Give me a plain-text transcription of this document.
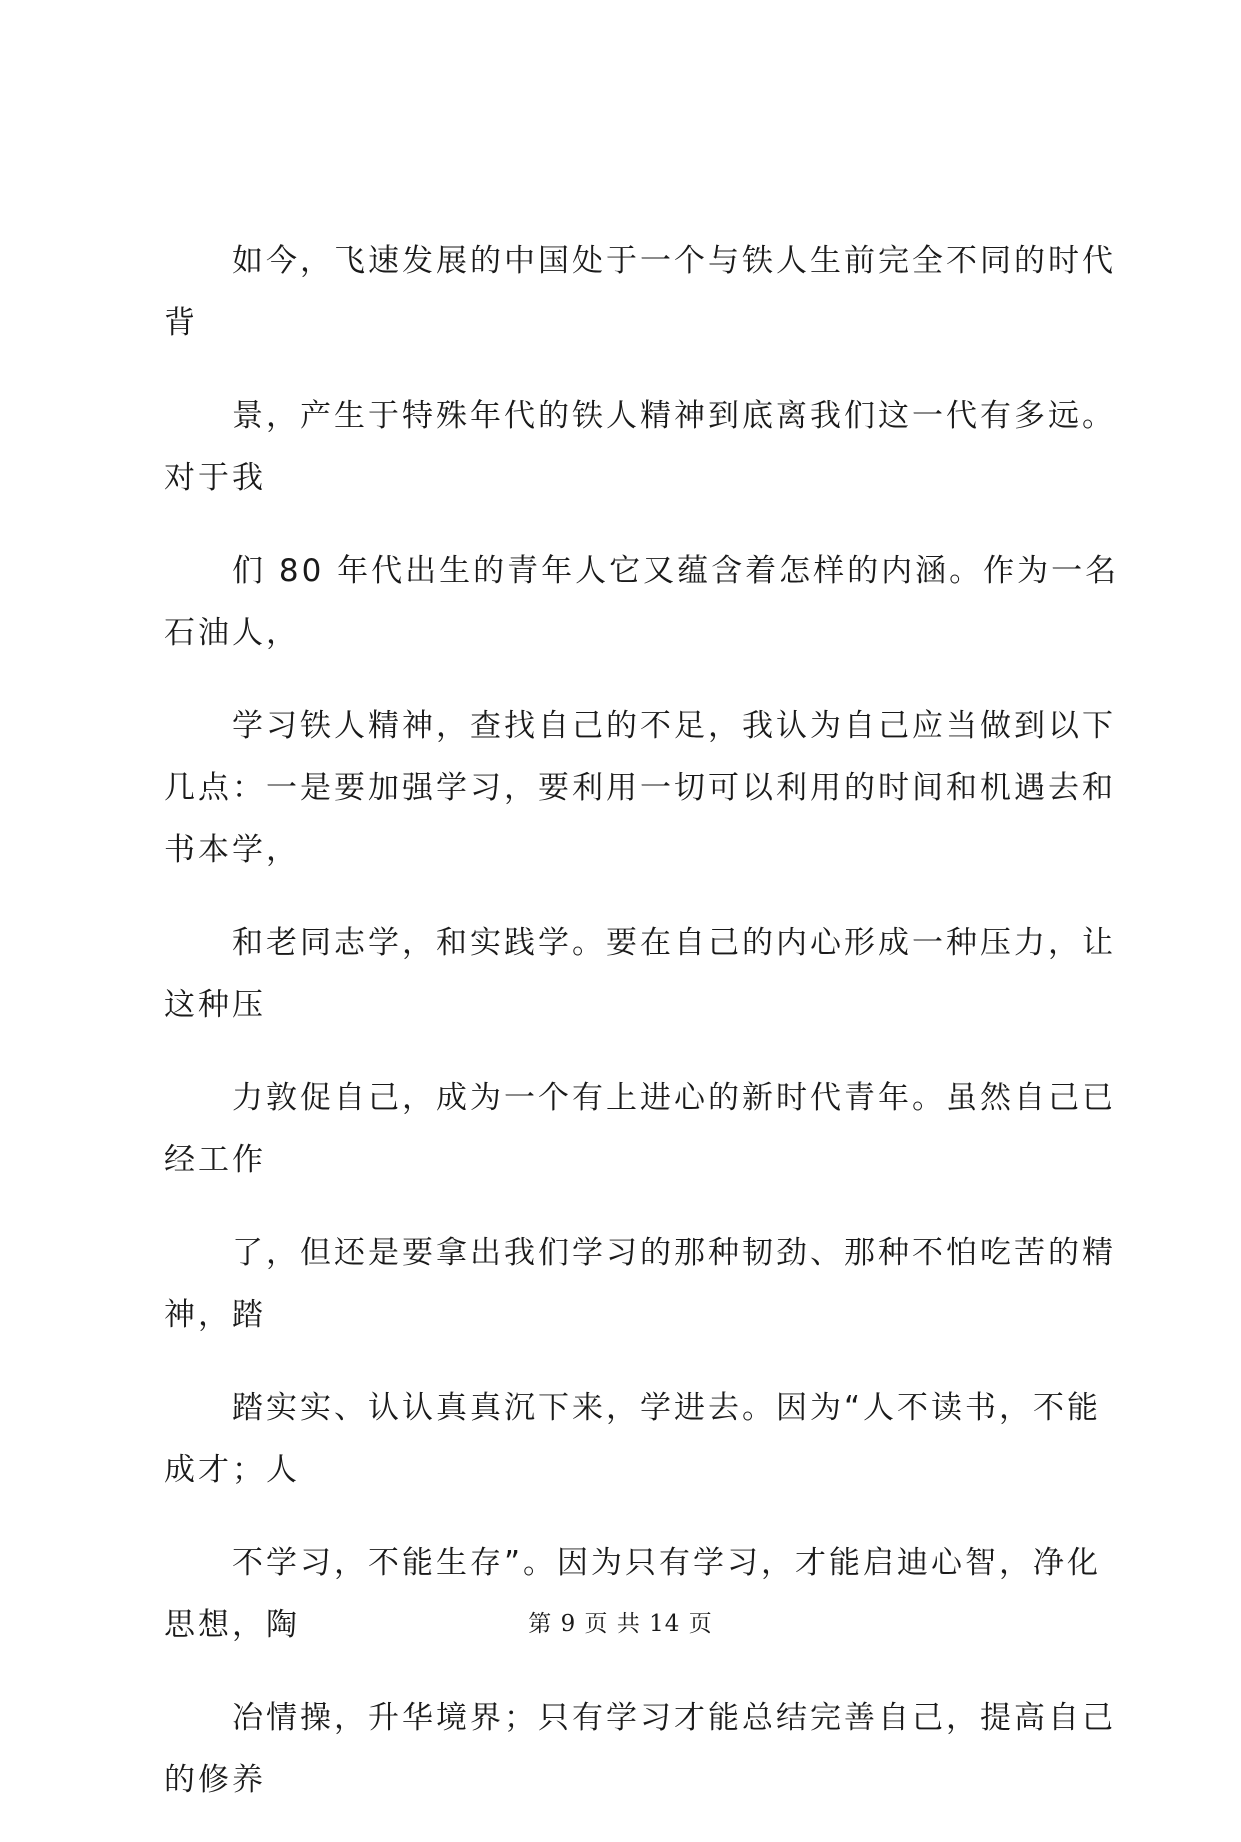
如今，飞速发展的中国处于一个与铁人生前完全不同的时代
背

景，产生于特殊年代的铁人精神到底离我们这一代有多远。
对于我

们 80 年代出生的青年人它又蕴含着怎样的内涵。作为一名
石油人，

学习铁人精神，查找自己的不足，我认为自己应当做到以下
几点：一是要加强学习，要利用一切可以利用的时间和机遇去和
书本学，

和老同志学，和实践学。要在自己的内心形成一种压力，让
这种压

力敦促自己，成为一个有上进心的新时代青年。虽然自己已
经工作

了，但还是要拿出我们学习的那种韧劲、那种不怕吃苦的精
神，踏

踏实实、认认真真沉下来，学进去。因为“人不读书，不能
成才；人

不学习，不能生存”。因为只有学习，才能启迪心智，净化
思想，陶

冶情操，升华境界；只有学习才能总结完善自己，提高自己
的修养

第 9 页 共 14 页
